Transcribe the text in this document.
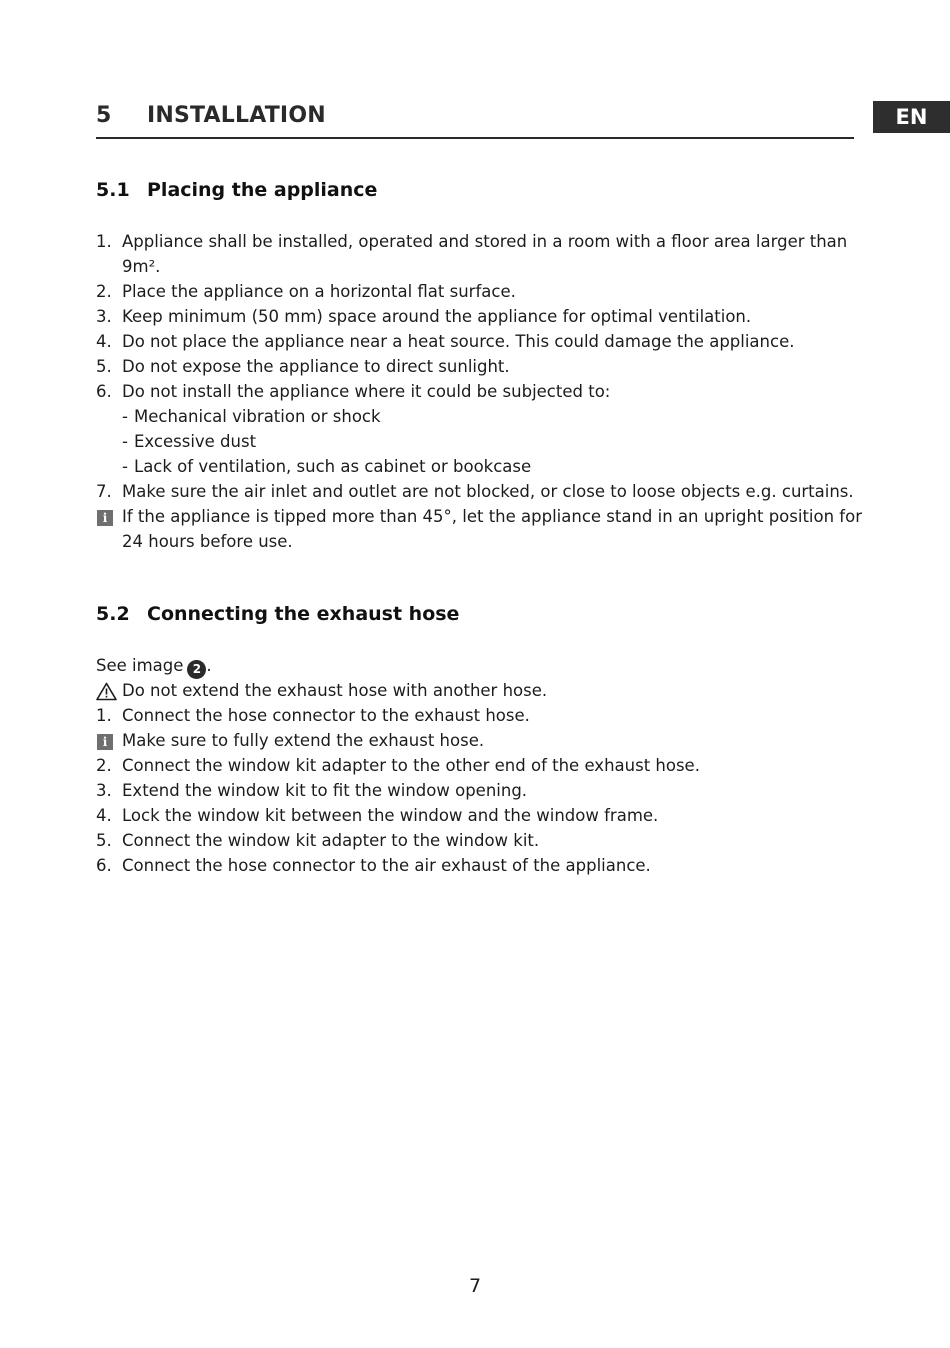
5 INSTALLATION	EN
5.1 Placing the appliance
1. Appliance shall be installed, operated and stored in a room with a floor area larger than
9m².
2. Place the appliance on a horizontal flat surface.
3. Keep minimum (50 mm) space around the appliance for optimal ventilation.
4. Do not place the appliance near a heat source. This could damage the appliance.
5. Do not expose the appliance to direct sunlight.
6. Do not install the appliance where it could be subjected to:
- Mechanical vibration or shock
- Excessive dust
- Lack of ventilation, such as cabinet or bookcase
7. Make sure the air inlet and outlet are not blocked, or close to loose objects e.g. curtains.
i If the appliance is tipped more than 45°, let the appliance stand in an upright position for
24 hours before use.
5.2 Connecting the exhaust hose
See image 2 .
Do not extend the exhaust hose with another hose.
1. Connect the hose connector to the exhaust hose.
i Make sure to fully extend the exhaust hose.
2. Connect the window kit adapter to the other end of the exhaust hose.
3. Extend the window kit to fit the window opening.
4. Lock the window kit between the window and the window frame.
5. Connect the window kit adapter to the window kit.
6. Connect the hose connector to the air exhaust of the appliance.
7
